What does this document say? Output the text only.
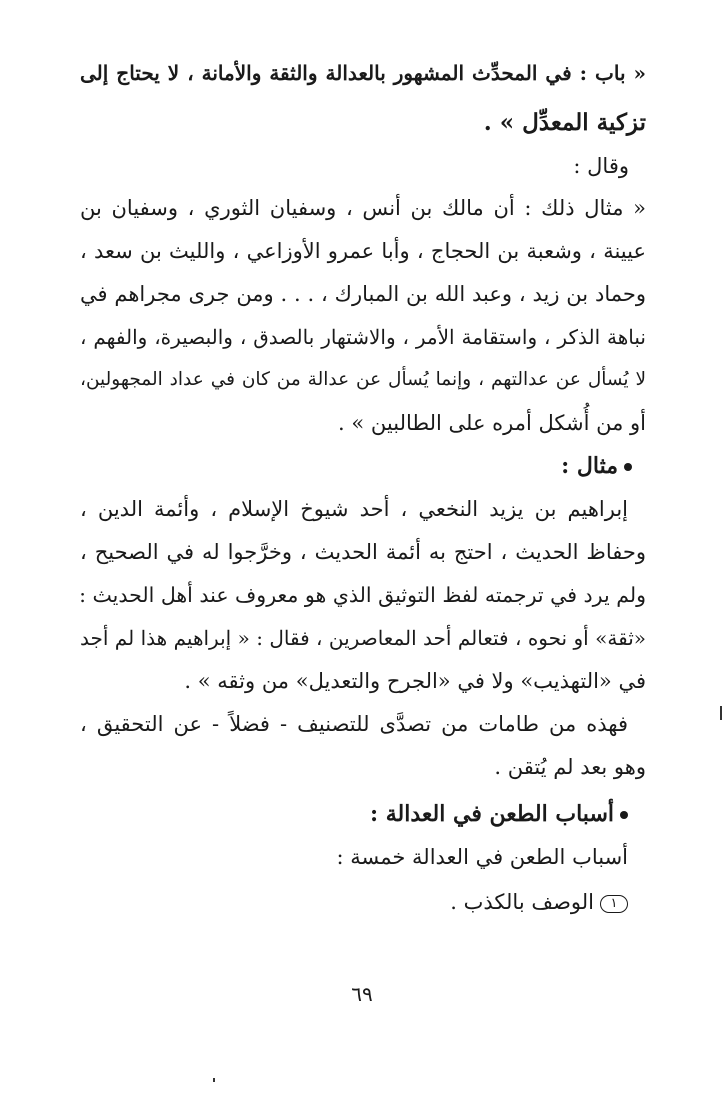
« باب : في المحدِّث المشهور بالعدالة والثقة والأمانة ، لا يحتاج إلى
تزكية المعدِّل » .
وقال :
« مثال ذلك : أن مالك بن أنس ، وسفيان الثوري ، وسفيان بن
عيينة ، وشعبة بن الحجاج ، وأبا عمرو الأوزاعي ، والليث بن سعد ،
وحماد بن زيد ، وعبد الله بن المبارك ، . . . ومن جرى مجراهم في
نباهة الذكر ، واستقامة الأمر ، والاشتهار بالصدق ، والبصيرة، والفهم ،
لا يُسأل عن عدالتهم ، وإنما يُسأل عن عدالة من كان في عداد المجهولين،
أو من أُشكل أمره على الطالبين » .
مثال :
إبراهيم بن يزيد النخعي ، أحد شيوخ الإسلام ، وأئمة الدين ،
وحفاظ الحديث ، احتج به أئمة الحديث ، وخرَّجوا له في الصحيح ،
ولم يرد في ترجمته لفظ التوثيق الذي هو معروف عند أهل الحديث :
«ثقة» أو نحوه ، فتعالم أحد المعاصرين ، فقال : « إبراهيم هذا لم أجد
في «التهذيب» ولا في «الجرح والتعديل» من وثقه » .
فهذه من طامات من تصدَّى للتصنيف - فضلاً - عن التحقيق ،
وهو بعد لم يُتقن .
أسباب الطعن في العدالة :
أسباب الطعن في العدالة خمسة :
١الوصف بالكذب .
٦٩
